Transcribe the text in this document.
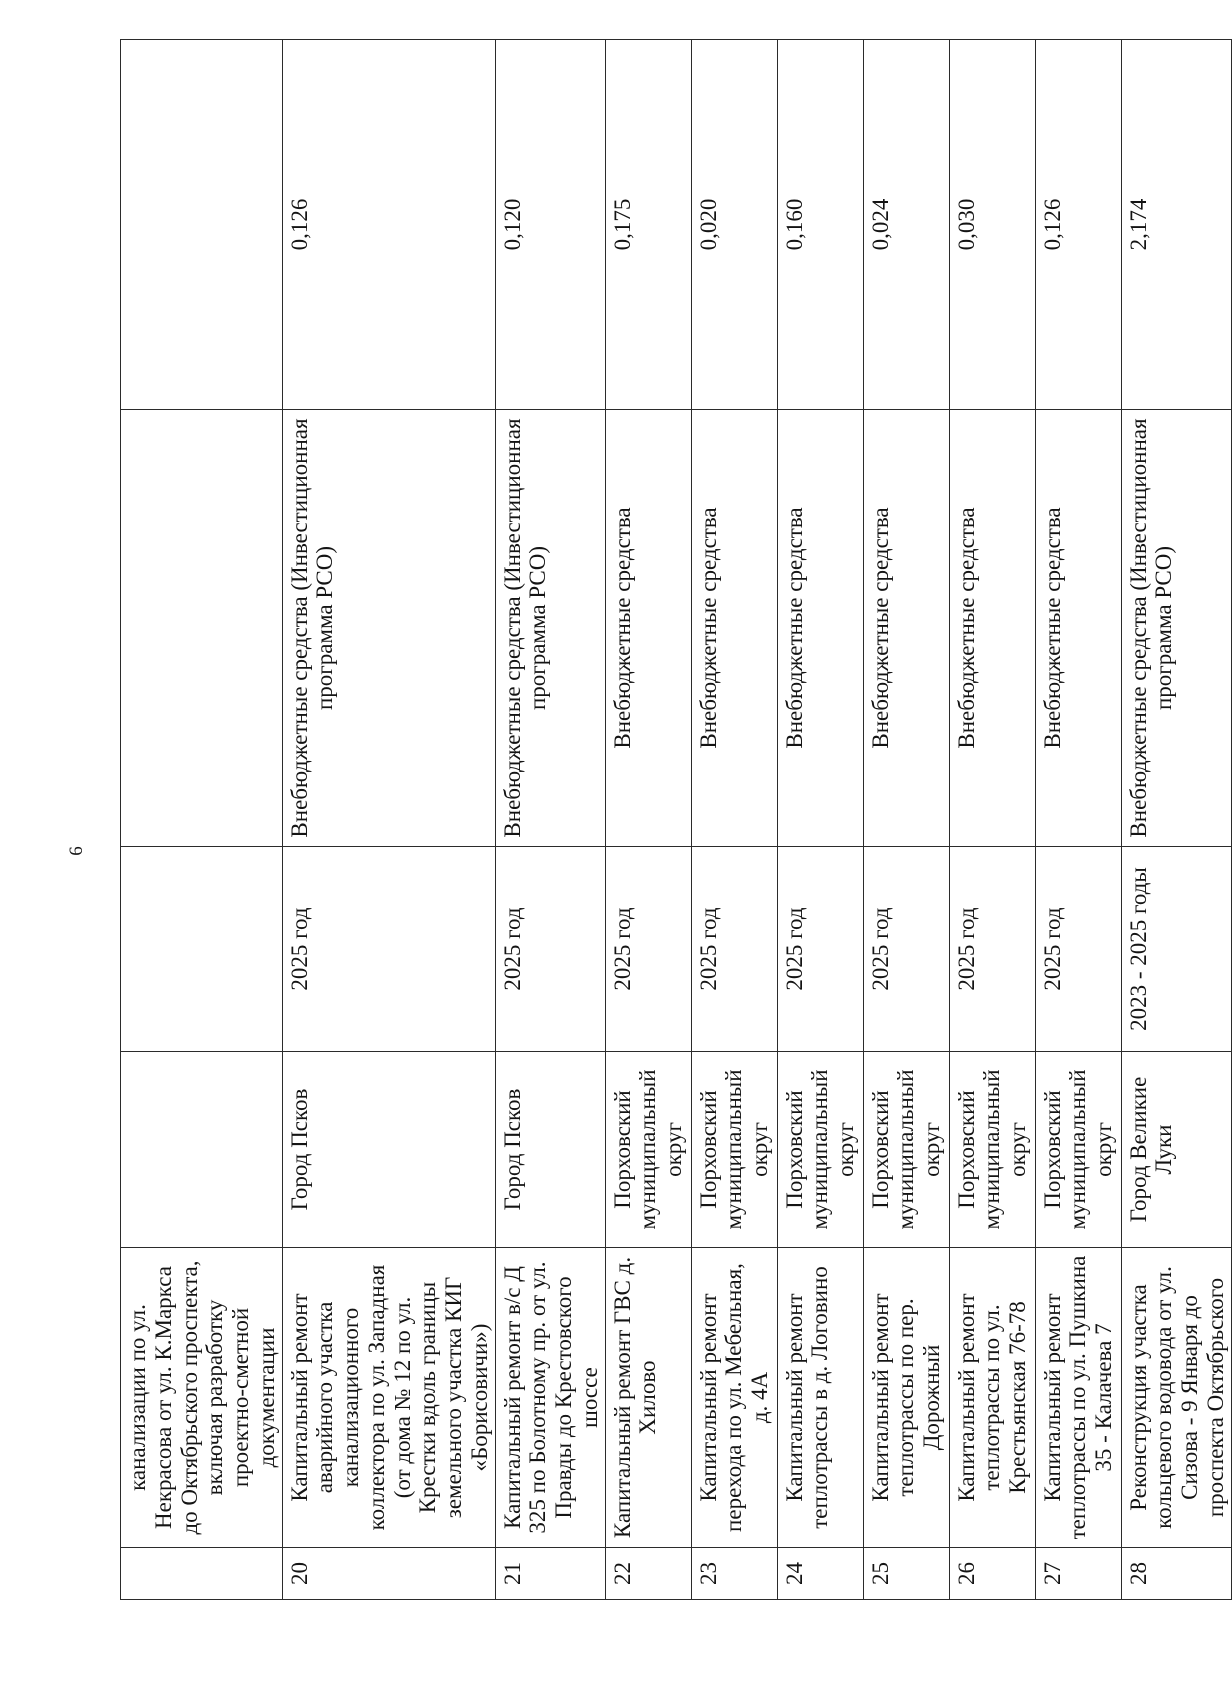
6
	канализации по ул. Некрасова от ул. К.Маркса до Октябрьского проспекта, включая разработку проектно-сметной документации				
20	Капитальный ремонт аварийного участка канализационного коллектора по ул. Западная (от дома № 12 по ул. Крестки вдоль границы земельного участка КИГ «Борисовичи»)	Город Псков	2025 год	Внебюджетные средства (Инвестиционная программа РСО)	0,126
21	Капитальный ремонт в/с Д 325 по Болотному пр. от ул. Правды до Крестовского шоссе	Город Псков	2025 год	Внебюджетные средства (Инвестиционная программа РСО)	0,120
22	Капитальный ремонт ГВС д. Хилово	Порховский муниципальный округ	2025 год	Внебюджетные средства	0,175
23	Капитальный ремонт перехода по ул. Мебельная, д. 4А	Порховский муниципальный округ	2025 год	Внебюджетные средства	0,020
24	Капитальный ремонт теплотрассы в д. Логовино	Порховский муниципальный округ	2025 год	Внебюджетные средства	0,160
25	Капитальный ремонт теплотрассы по пер. Дорожный	Порховский муниципальный округ	2025 год	Внебюджетные средства	0,024
26	Капитальный ремонт теплотрассы по ул. Крестьянская 76-78	Порховский муниципальный округ	2025 год	Внебюджетные средства	0,030
27	Капитальный ремонт теплотрассы по ул. Пушкина 35 - Калачева 7	Порховский муниципальный округ	2025 год	Внебюджетные средства	0,126
28	Реконструкция участка кольцевого водовода от ул. Сизова - 9 Января до проспекта Октябрьского	Город Великие Луки	2023 - 2025 годы	Внебюджетные средства (Инвестиционная программа РСО)	2,174
